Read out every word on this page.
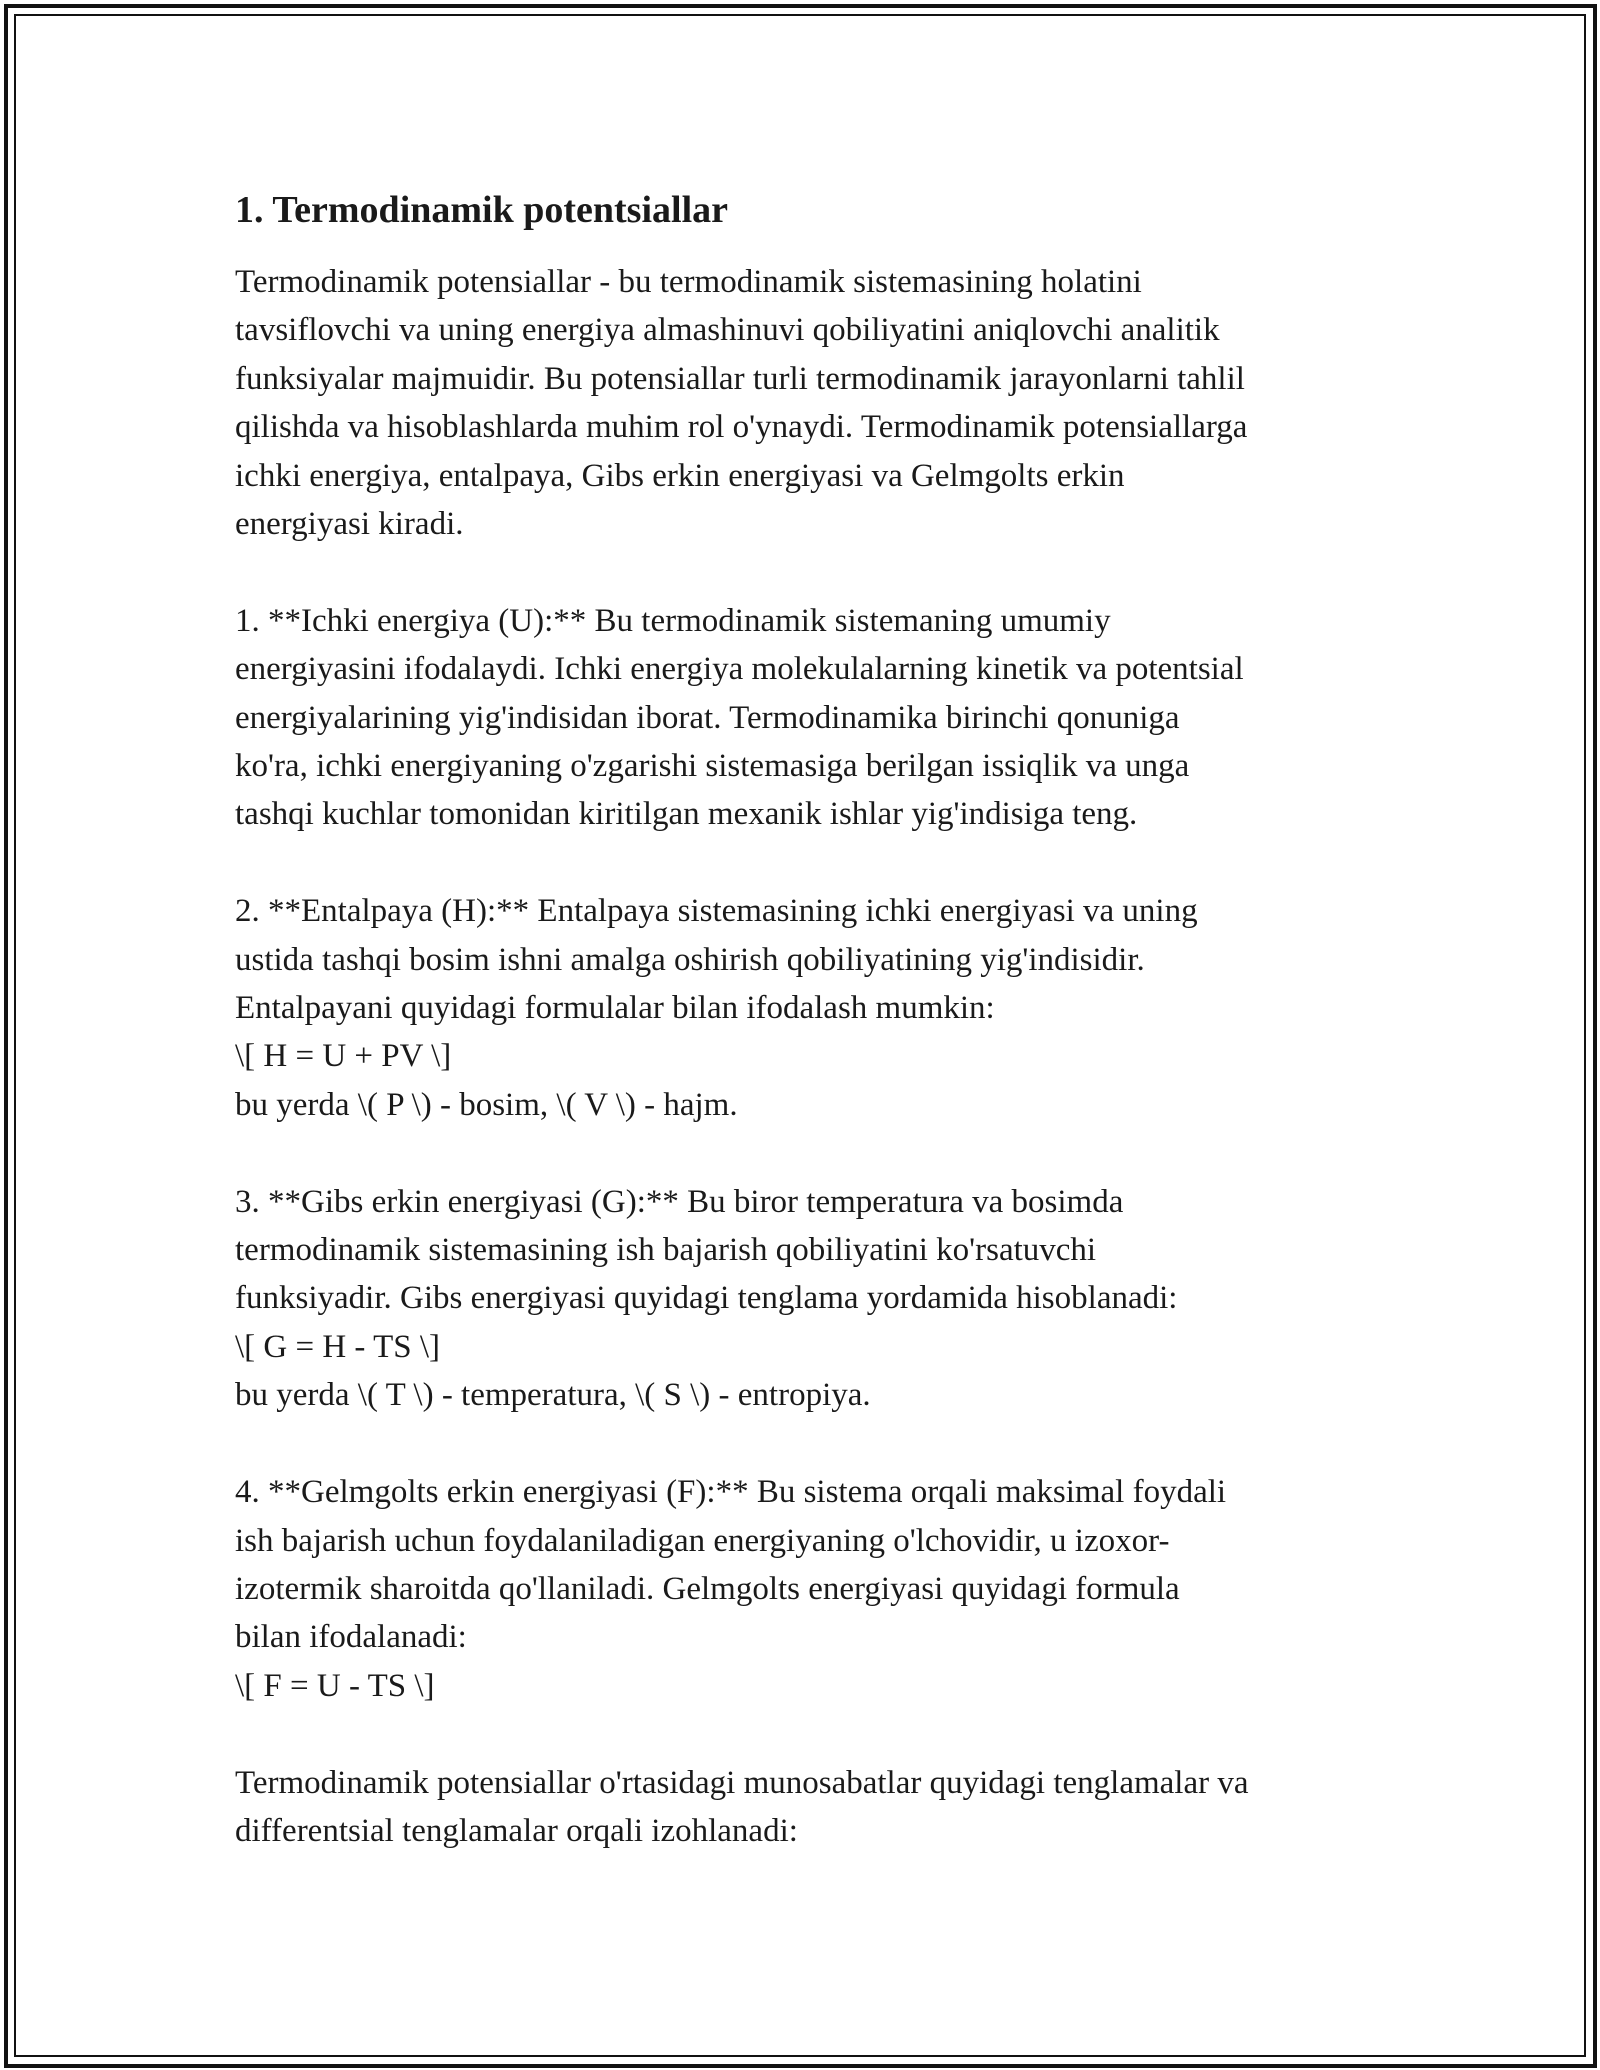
1. Termodinamik potentsiallar

Termodinamik potensiallar - bu termodinamik sistemasining holatini
tavsiflovchi va uning energiya almashinuvi qobiliyatini aniqlovchi analitik
funksiyalar majmuidir. Bu potensiallar turli termodinamik jarayonlarni tahlil
qilishda va hisoblashlarda muhim rol o'ynaydi. Termodinamik potensiallarga
ichki energiya, entalpaya, Gibs erkin energiyasi va Gelmgolts erkin
energiyasi kiradi.

1. **Ichki energiya (U):** Bu termodinamik sistemaning umumiy
energiyasini ifodalaydi. Ichki energiya molekulalarning kinetik va potentsial
energiyalarining yig'indisidan iborat. Termodinamika birinchi qonuniga
ko'ra, ichki energiyaning o'zgarishi sistemasiga berilgan issiqlik va unga
tashqi kuchlar tomonidan kiritilgan mexanik ishlar yig'indisiga teng.

2. **Entalpaya (H):** Entalpaya sistemasining ichki energiyasi va uning
ustida tashqi bosim ishni amalga oshirish qobiliyatining yig'indisidir.
Entalpayani quyidagi formulalar bilan ifodalash mumkin:
\[ H = U + PV \]
bu yerda \( P \) - bosim, \( V \) - hajm.

3. **Gibs erkin energiyasi (G):** Bu biror temperatura va bosimda
termodinamik sistemasining ish bajarish qobiliyatini ko'rsatuvchi
funksiyadir. Gibs energiyasi quyidagi tenglama yordamida hisoblanadi:
\[ G = H - TS \]
bu yerda \( T \) - temperatura, \( S \) - entropiya.

4. **Gelmgolts erkin energiyasi (F):** Bu sistema orqali maksimal foydali
ish bajarish uchun foydalaniladigan energiyaning o'lchovidir, u izoxor-
izotermik sharoitda qo'llaniladi. Gelmgolts energiyasi quyidagi formula
bilan ifodalanadi:
\[ F = U - TS \]

Termodinamik potensiallar o'rtasidagi munosabatlar quyidagi tenglamalar va
differentsial tenglamalar orqali izohlanadi:
